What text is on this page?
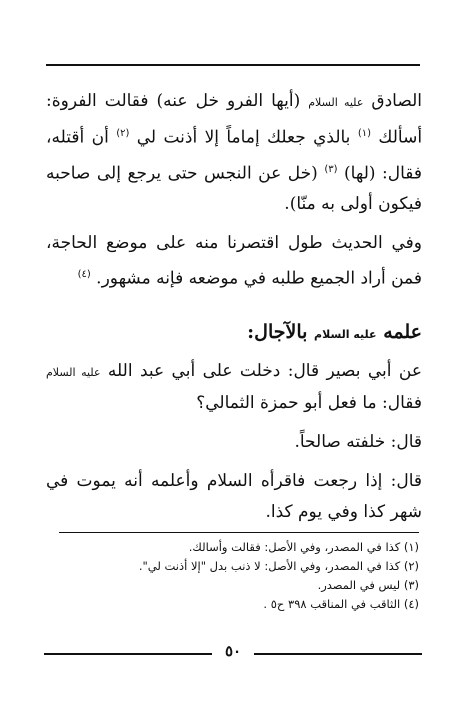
الصادق عليه السلام (أيها الفرو خل عنه) فقالت الفروة: أسألك $^{(١)}$ بالذي جعلك إماماً إلا أذنت لي $^{(٢)}$ أن أقتله، فقال: (لها) $^{(٣)}$ (خل عن النجس حتى يرجع إلى صاحبه فيكون أولى به منّا).

وفي الحديث طول اقتصرنا منه على موضع الحاجة، فمن أراد الجميع طلبه في موضعه فإنه مشهور. $^{(٤)}$

علمه عليه السلام بالآجال:

عن أبي بصير قال: دخلت على أبي عبد الله عليه السلام فقال: ما فعل أبو حمزة الثمالي؟

قال: خلفته صالحاً.

قال: إذا رجعت فاقرأه السلام وأعلمه أنه يموت في شهر كذا وفي يوم كذا.

(١) كذا في المصدر، وفي الأصل: فقالت وأسالك.
(٢) كذا في المصدر، وفي الأصل: لا ذنب بدل "إلا أذنت لي".
(٣) ليس في المصدر.
(٤) الثاقب في المناقب ٣٩٨ ح٥ .
٥٠
